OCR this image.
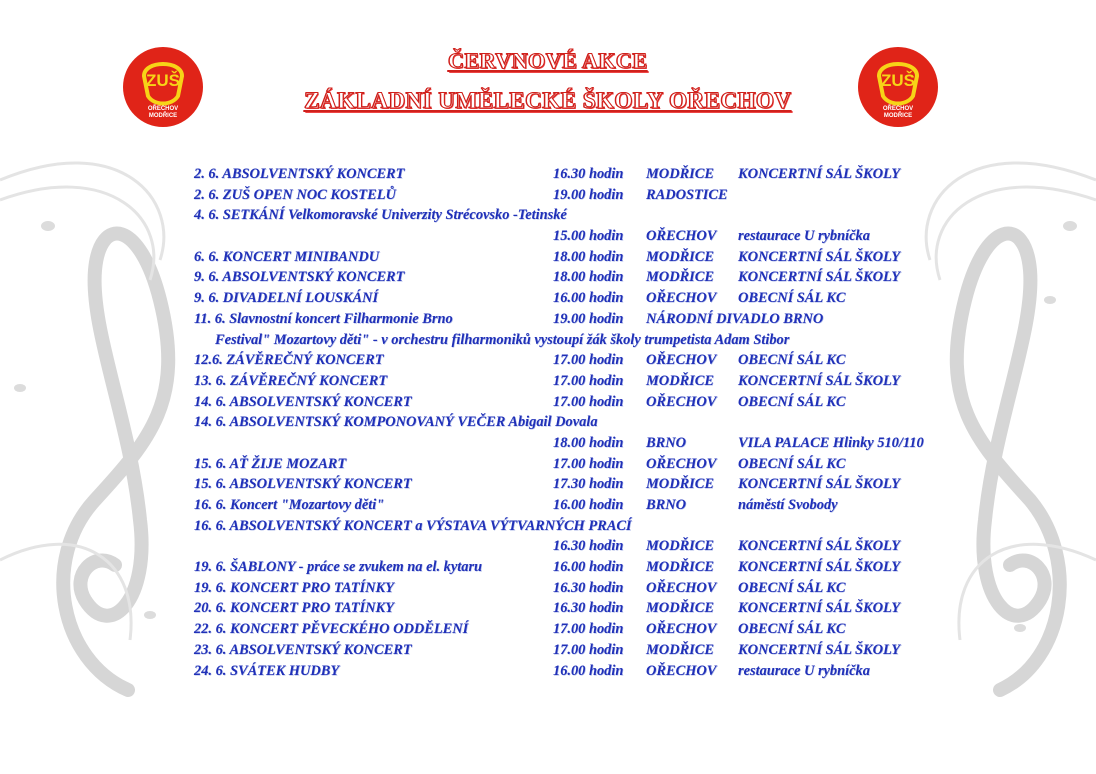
ZUŠ
OŘECHOV
MODŘICE
ZUŠ
OŘECHOV
MODŘICE
ČERVNOVÉ AKCE
ZÁKLADNÍ UMĚLECKÉ ŠKOLY OŘECHOV
2. 6. ABSOLVENTSKÝ KONCERT	16.30 hodin MODŘICE KONCERTNÍ SÁL ŠKOLY
2. 6. ZUŠ OPEN NOC KOSTELŮ	19.00 hodin RADOSTICE
4. 6. SETKÁNÍ Velkomoravské Univerzity Strécovsko -Tetinské
15.00 hodin OŘECHOV restaurace U rybníčka
6. 6. KONCERT MINIBANDU	18.00 hodin MODŘICE KONCERTNÍ SÁL ŠKOLY
9. 6. ABSOLVENTSKÝ KONCERT	18.00 hodin MODŘICE KONCERTNÍ SÁL ŠKOLY
9. 6. DIVADELNÍ LOUSKÁNÍ	16.00 hodin OŘECHOV OBECNÍ SÁL KC
11. 6. Slavnostní koncert Filharmonie Brno	19.00 hodin NÁRODNÍ DIVADLO BRNO
Festival" Mozartovy děti" - v orchestru filharmoniků vystoupí žák školy trumpetista Adam Stibor
12.6. ZÁVĚREČNÝ KONCERT	17.00 hodin OŘECHOV OBECNÍ SÁL KC
13. 6. ZÁVĚREČNÝ KONCERT	17.00 hodin MODŘICE KONCERTNÍ SÁL ŠKOLY
14. 6. ABSOLVENTSKÝ KONCERT	17.00 hodin OŘECHOV OBECNÍ SÁL KC
14. 6. ABSOLVENTSKÝ KOMPONOVANÝ VEČER Abigail Dovala
18.00 hodin BRNO	VILA PALACE Hlinky 510/110
15. 6. AŤ ŽIJE MOZART	17.00 hodin OŘECHOV OBECNÍ SÁL KC
15. 6. ABSOLVENTSKÝ KONCERT	17.30 hodin MODŘICE KONCERTNÍ SÁL ŠKOLY
16. 6. Koncert "Mozartovy děti"	16.00 hodin BRNO	náměstí Svobody
16. 6. ABSOLVENTSKÝ KONCERT a VÝSTAVA VÝTVARNÝCH PRACÍ
16.30 hodin MODŘICE KONCERTNÍ SÁL ŠKOLY
19. 6. ŠABLONY - práce se zvukem na el. kytaru	16.00 hodin MODŘICE KONCERTNÍ SÁL ŠKOLY
19. 6. KONCERT PRO TATÍNKY	16.30 hodin OŘECHOV OBECNÍ SÁL KC
20. 6. KONCERT PRO TATÍNKY	16.30 hodin MODŘICE KONCERTNÍ SÁL ŠKOLY
22. 6. KONCERT PĚVECKÉHO ODDĚLENÍ	17.00 hodin OŘECHOV OBECNÍ SÁL KC
23. 6. ABSOLVENTSKÝ KONCERT	17.00 hodin MODŘICE KONCERTNÍ SÁL ŠKOLY
24. 6. SVÁTEK HUDBY	16.00 hodin OŘECHOV restaurace U rybníčka
